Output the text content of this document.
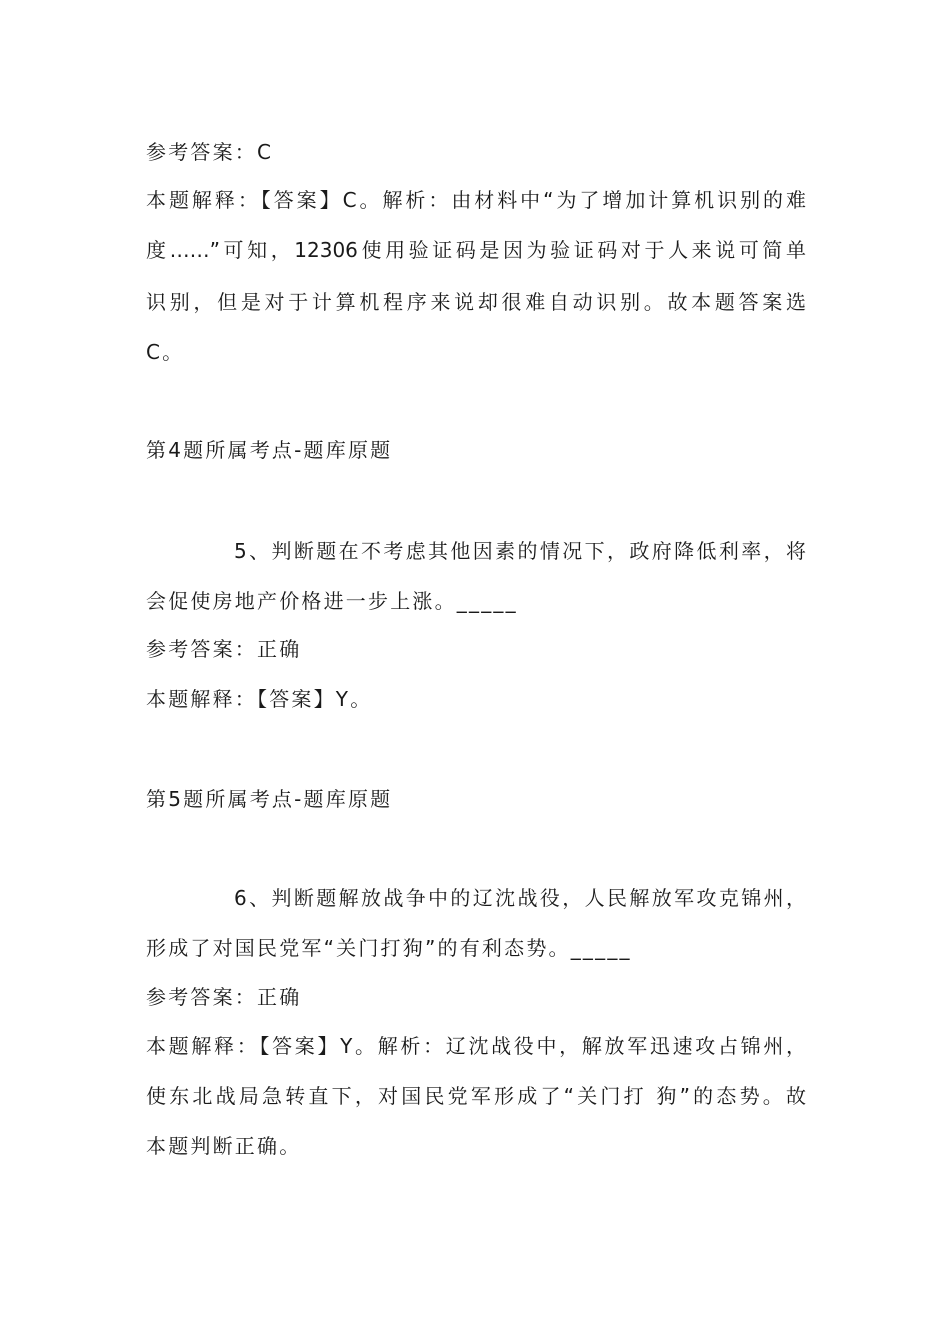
参考答案：C
本题解释：【答案】C。解析：由材料中“为了增加计算机识别的难
度……”可知，12306使用验证码是因为验证码对于人来说可简单
识别，但是对于计算机程序来说却很难自动识别。故本题答案选
C。
第4题所属考点-题库原题
5、判断题在不考虑其他因素的情况下，政府降低利率，将
会促使房地产价格进一步上涨。_____
参考答案：正确
本题解释：【答案】Y。
第5题所属考点-题库原题
6、判断题解放战争中的辽沈战役，人民解放军攻克锦州，
形成了对国民党军“关门打狗”的有利态势。_____
参考答案：正确
本题解释：【答案】Y。解析：辽沈战役中，解放军迅速攻占锦州，
使东北战局急转直下，对国民党军形成了“关门打 狗”的态势。故
本题判断正确。
